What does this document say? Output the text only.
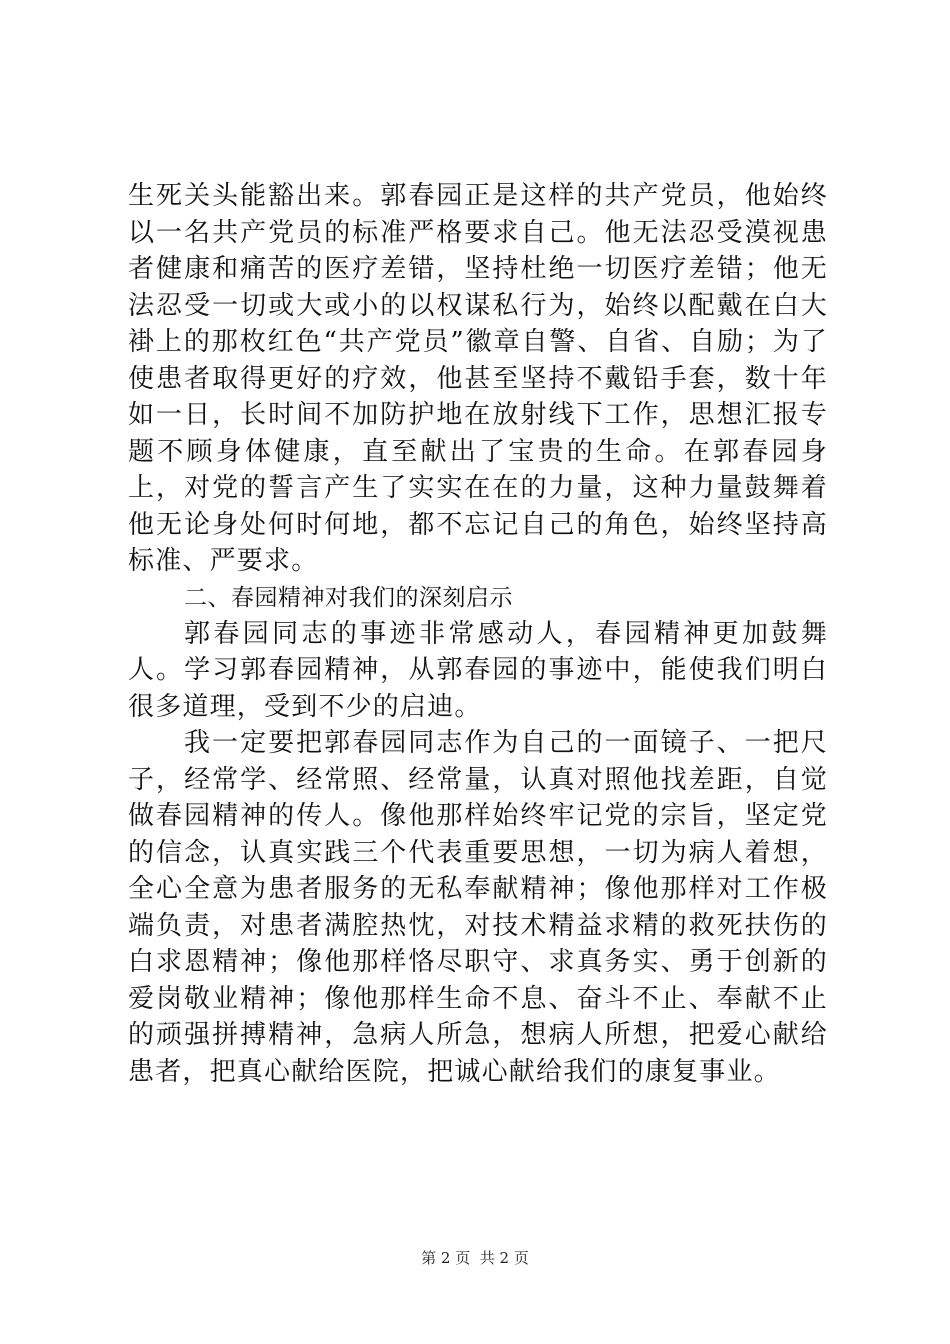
生死关头能豁出来。郭春园正是这样的共产党员，他始终以一名共产党员的标准严格要求自己。他无法忍受漠视患者健康和痛苦的医疗差错，坚持杜绝一切医疗差错；他无法忍受一切或大或小的以权谋私行为，始终以配戴在白大褂上的那枚红色“共产党员”徽章自警、自省、自励；为了使患者取得更好的疗效，他甚至坚持不戴铅手套，数十年如一日，长时间不加防护地在放射线下工作，思想汇报专题不顾身体健康，直至献出了宝贵的生命。在郭春园身上，对党的誓言产生了实实在在的力量，这种力量鼓舞着他无论身处何时何地，都不忘记自己的角色，始终坚持高标准、严要求。

二、春园精神对我们的深刻启示

郭春园同志的事迹非常感动人，春园精神更加鼓舞人。学习郭春园精神，从郭春园的事迹中，能使我们明白很多道理，受到不少的启迪。

我一定要把郭春园同志作为自己的一面镜子、一把尺子，经常学、经常照、经常量，认真对照他找差距，自觉做春园精神的传人。像他那样始终牢记党的宗旨，坚定党的信念，认真实践三个代表重要思想，一切为病人着想，全心全意为患者服务的无私奉献精神；像他那样对工作极端负责，对患者满腔热忱，对技术精益求精的救死扶伤的白求恩精神；像他那样恪尽职守、求真务实、勇于创新的爱岗敬业精神；像他那样生命不息、奋斗不止、奉献不止的顽强拼搏精神，急病人所急，想病人所想，把爱心献给患者，把真心献给医院，把诚心献给我们的康复事业。

第 2 页  共 2 页
